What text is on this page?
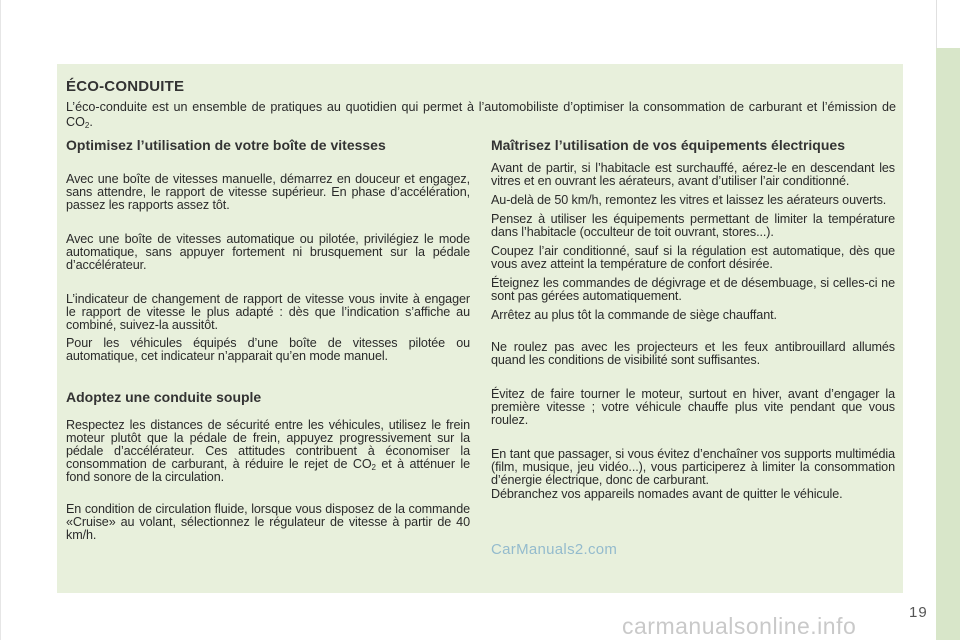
ÉCO-CONDUITE

L’éco-conduite est un ensemble de pratiques au quotidien qui permet à l’automobiliste d’optimiser la consommation de carburant et l’émission de $CO_2$.

Optimisez l’utilisation de votre boîte de vitesses

Avec une boîte de vitesses manuelle, démarrez en douceur et engagez, sans attendre, le rapport de vitesse supérieur. En phase d’accélération, passez les rapports assez tôt.

Avec une boîte de vitesses automatique ou pilotée, privilégiez le mode automatique, sans appuyer fortement ni brusquement sur la pédale d’accélérateur.

L’indicateur de changement de rapport de vitesse vous invite à engager le rapport de vitesse le plus adapté : dès que l’indication s’affiche au combiné, suivez-la aussitôt.

Pour les véhicules équipés d’une boîte de vitesses pilotée ou automatique, cet indicateur n’apparait qu’en mode manuel.

Adoptez une conduite souple

Respectez les distances de sécurité entre les véhicules, utilisez le frein moteur plutôt que la pédale de frein, appuyez progressivement sur la pédale d’accélérateur. Ces attitudes contribuent à économiser la consommation de carburant, à réduire le rejet de $CO_2$ et à atténuer le fond sonore de la circulation.

En condition de circulation fluide, lorsque vous disposez de la commande «Cruise» au volant, sélectionnez le régulateur de vitesse à partir de 40 km/h.

Maîtrisez l’utilisation de vos équipements électriques

Avant de partir, si l’habitacle est surchauffé, aérez-le en descendant les vitres et en ouvrant les aérateurs, avant d’utiliser l’air conditionné.

Au-delà de 50 km/h, remontez les vitres et laissez les aérateurs ouverts.

Pensez à utiliser les équipements permettant de limiter la température dans l’habitacle (occulteur de toit ouvrant, stores...).

Coupez l’air conditionné, sauf si la régulation est automatique, dès que vous avez atteint la température de confort désirée.

Éteignez les commandes de dégivrage et de désembuage, si celles-ci ne sont pas gérées automatiquement.

Arrêtez au plus tôt la commande de siège chauffant.

Ne roulez pas avec les projecteurs et les feux antibrouillard allumés quand les conditions de visibilité sont suffisantes.

Évitez de faire tourner le moteur, surtout en hiver, avant d’engager la première vitesse ; votre véhicule chauffe plus vite pendant que vous roulez.

En tant que passager, si vous évitez d’enchaîner vos supports multimédia (film, musique, jeu vidéo...), vous participerez à limiter la consommation d’énergie électrique, donc de carburant.

Débranchez vos appareils nomades avant de quitter le véhicule.

CarManuals2.com

19

carmanualsonline.info
